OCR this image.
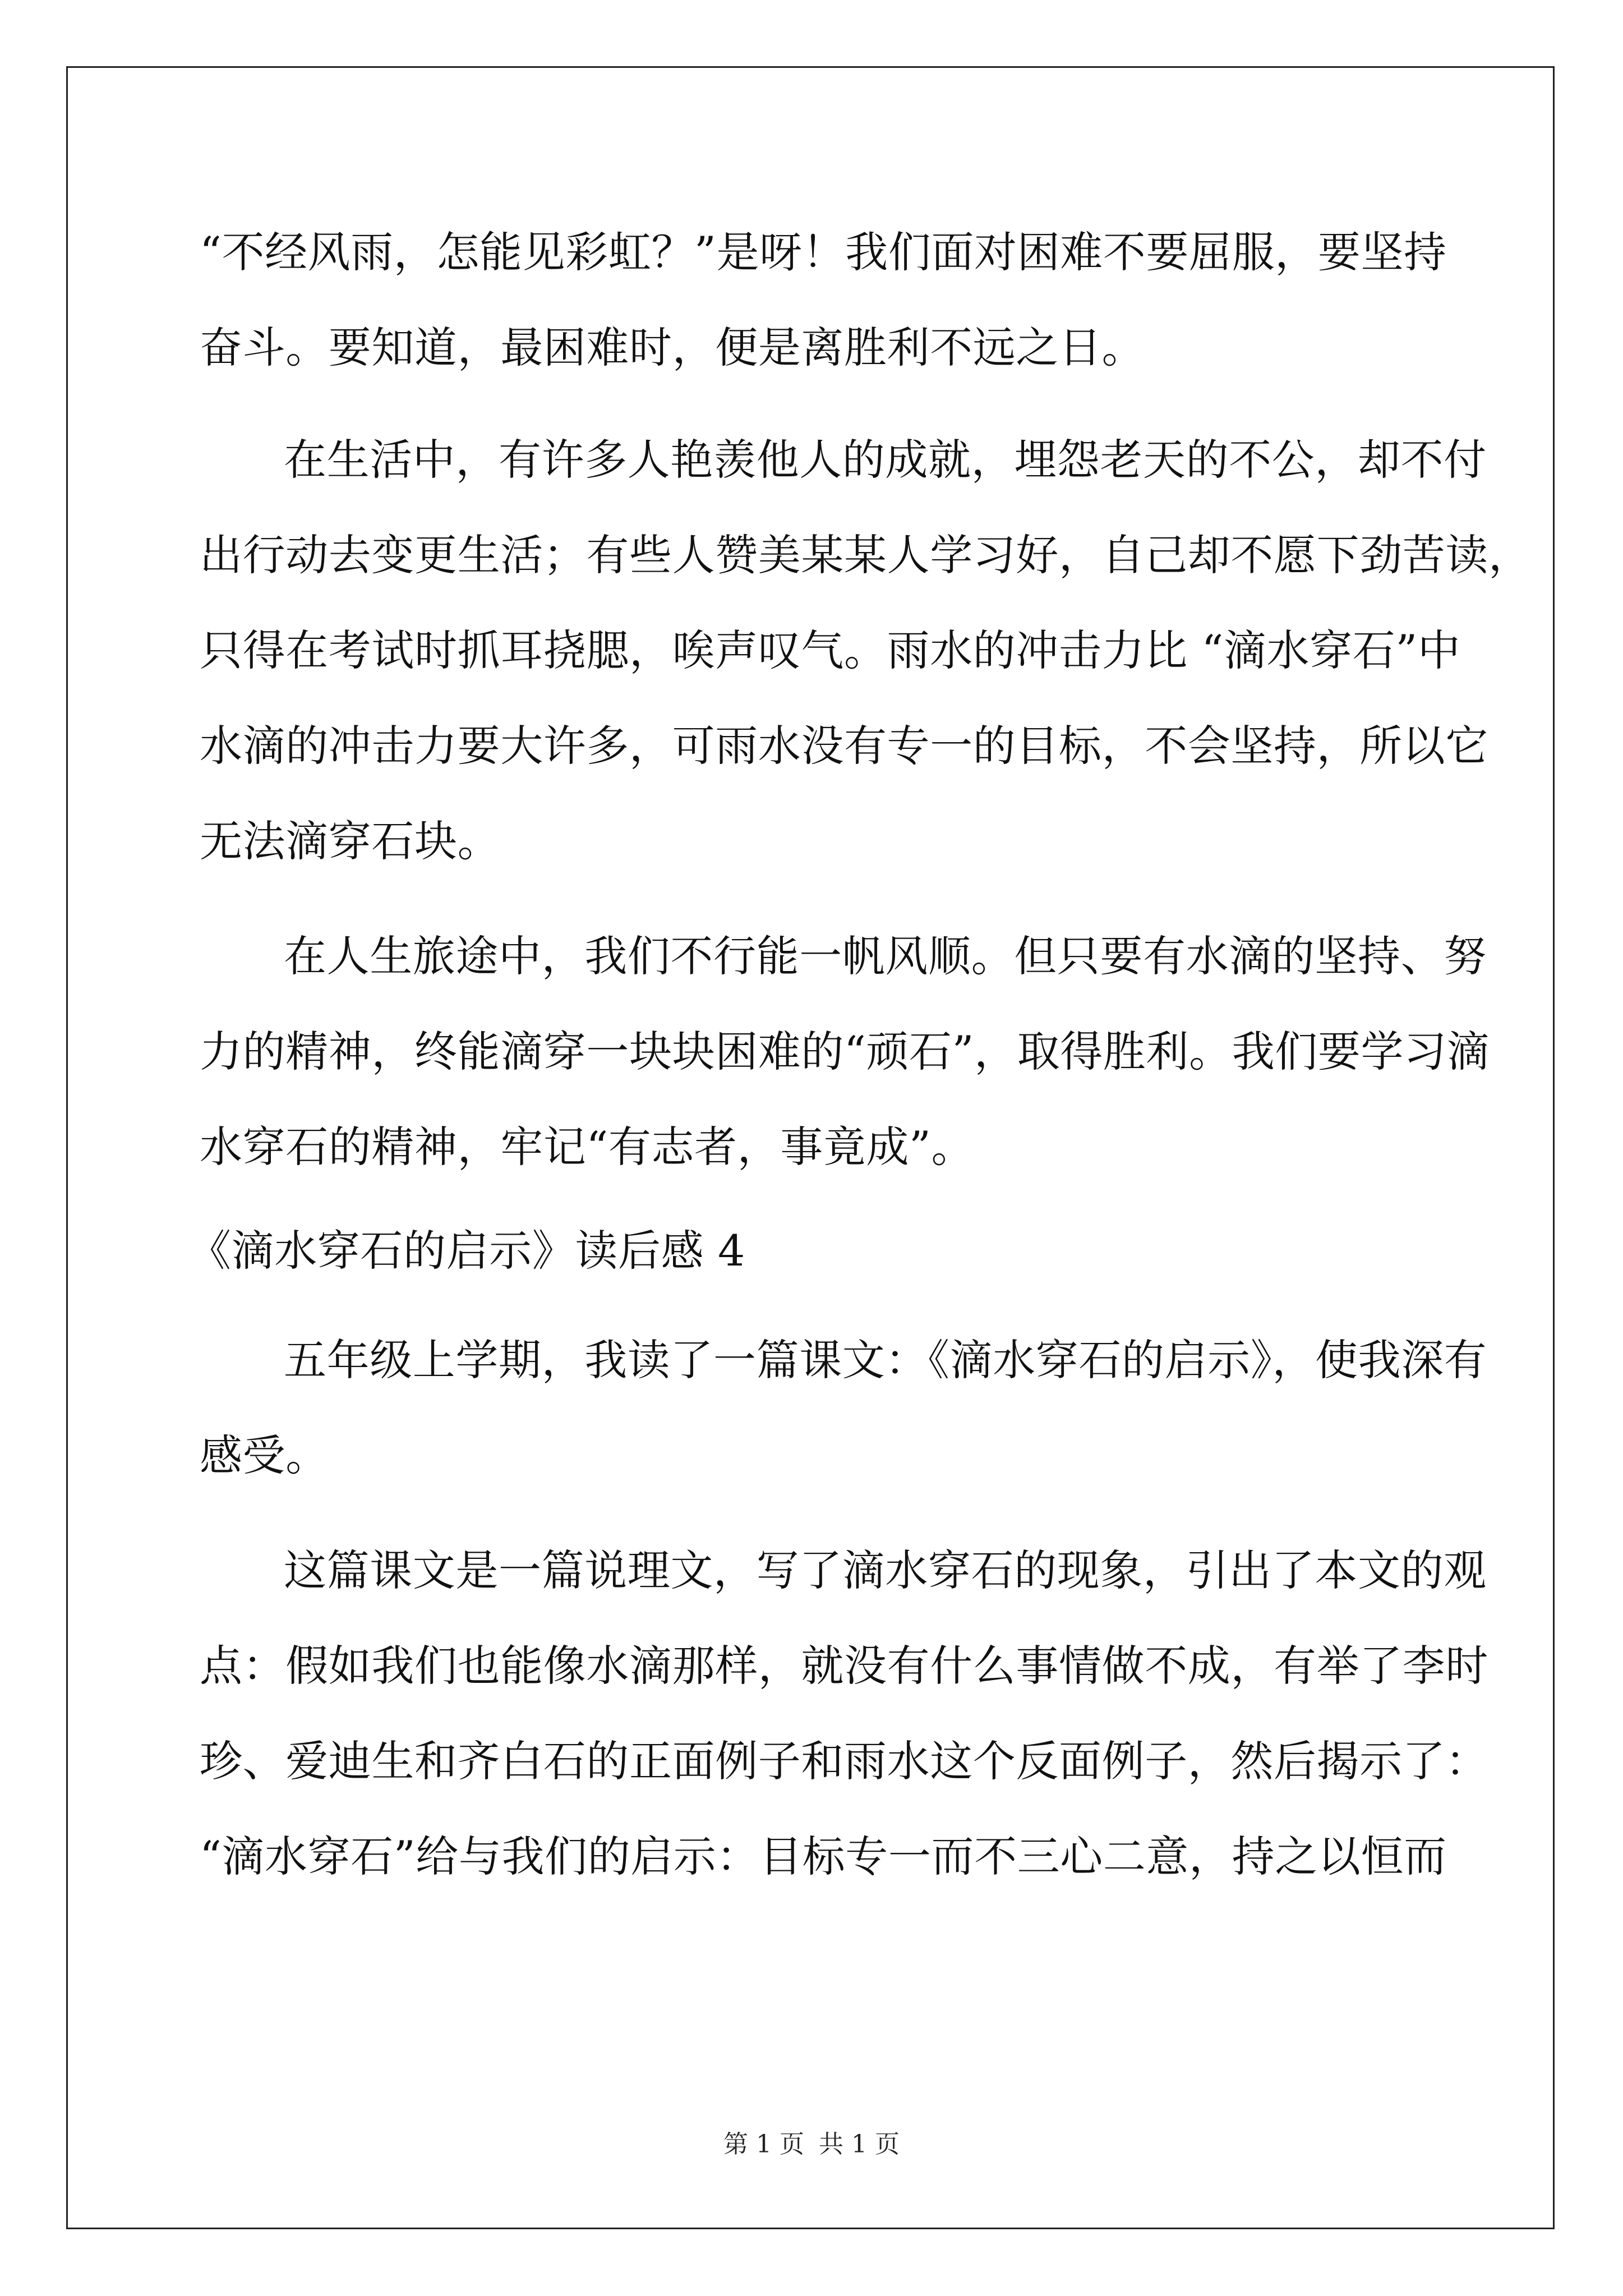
“不经风雨，怎能见彩虹？”是呀！我们面对困难不要屈服，要坚持
奋斗。要知道，最困难时，便是离胜利不远之日。
在生活中，有许多人艳羡他人的成就，埋怨老天的不公，却不付
出行动去变更生活；有些人赞美某某人学习好，自己却不愿下劲苦读，
只得在考试时抓耳挠腮，唉声叹气。雨水的冲击力比 “滴水穿石”中
水滴的冲击力要大许多，可雨水没有专一的目标，不会坚持，所以它
无法滴穿石块。
在人生旅途中，我们不行能一帆风顺。但只要有水滴的坚持、努
力的精神，终能滴穿一块块困难的“顽石”，取得胜利。我们要学习滴
水穿石的精神，牢记“有志者，事竟成”。
《滴水穿石的启示》读后感 4
五年级上学期，我读了一篇课文：《滴水穿石的启示》，使我深有
感受。
这篇课文是一篇说理文，写了滴水穿石的现象，引出了本文的观
点：假如我们也能像水滴那样，就没有什么事情做不成，有举了李时
珍、爱迪生和齐白石的正面例子和雨水这个反面例子，然后揭示了：
“滴水穿石”给与我们的启示：目标专一而不三心二意，持之以恒而
第 1 页 共 1 页
